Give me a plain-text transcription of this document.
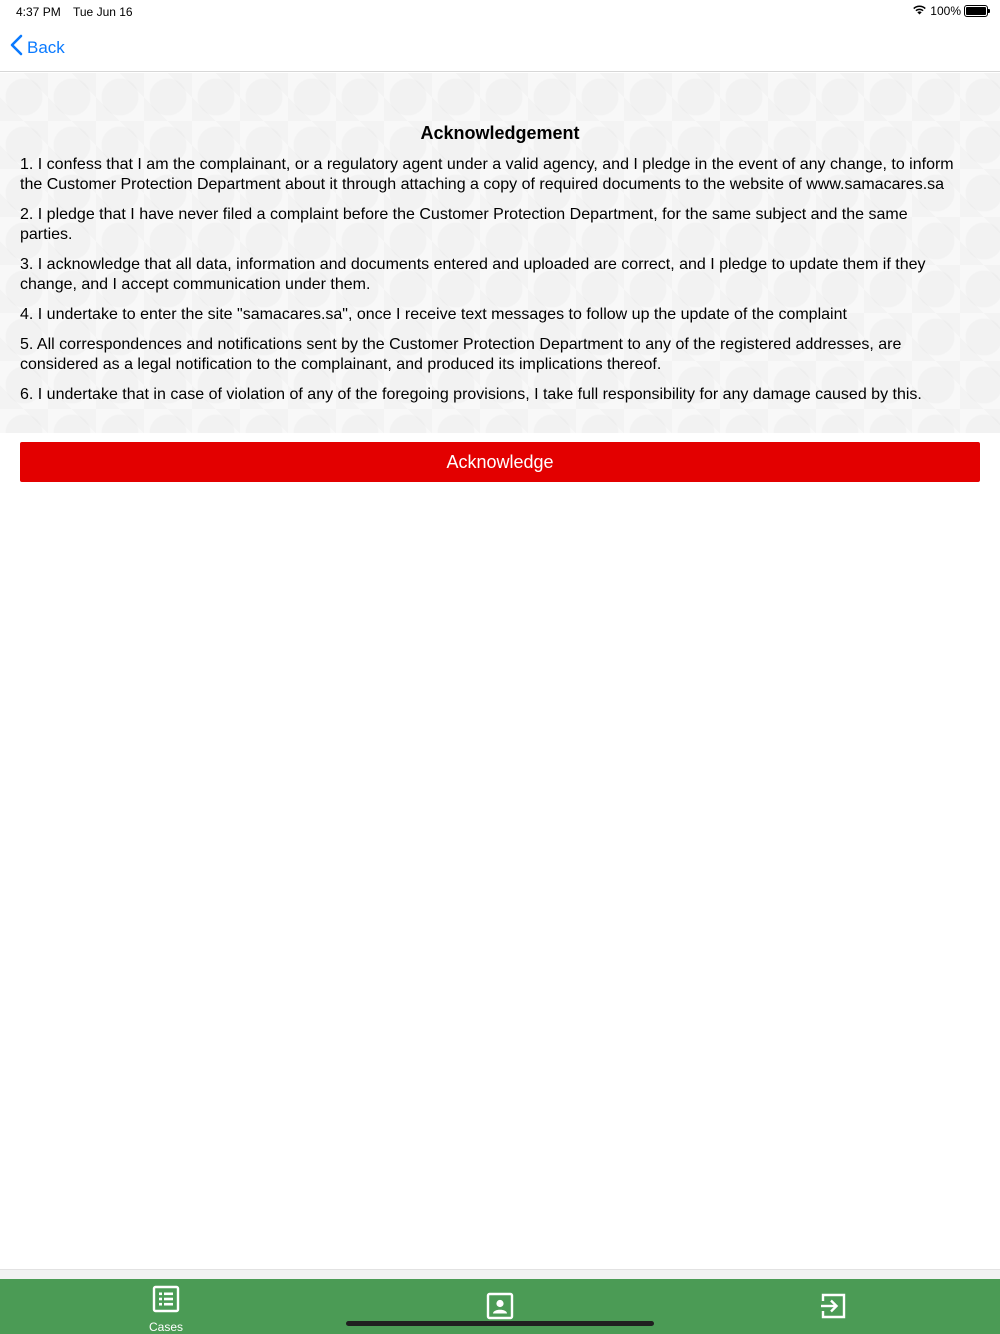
4:37 PM Tue Jun 16	100%
Back
Acknowledgement

1. I confess that I am the complainant, or a regulatory agent under a valid agency, and I pledge in the event of any change, to inform the Customer Protection Department about it through attaching a copy of required documents to the website of www.samacares.sa

2. I pledge that I have never filed a complaint before the Customer Protection Department, for the same subject and the same parties.

3. I acknowledge that all data, information and documents entered and uploaded are correct, and I pledge to update them if they change, and I accept communication under them.

4. I undertake to enter the site "samacares.sa", once I receive text messages to follow up the update of the complaint

5. All correspondences and notifications sent by the Customer Protection Department to any of the registered addresses, are considered as a legal notification to the complainant, and produced its implications thereof.

6. I undertake that in case of violation of any of the foregoing provisions, I take full responsibility for any damage caused by this.

Acknowledge
Cases
